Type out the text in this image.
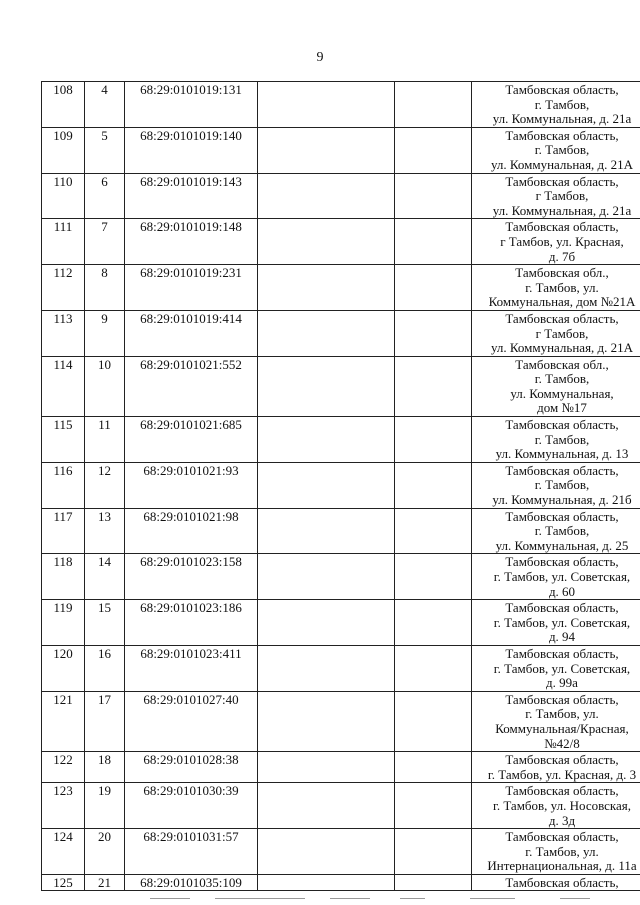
9
108	4	68:29:0101019:131			Тамбовская область,
г. Тамбов,
ул. Коммунальная, д. 21а

109	5	68:29:0101019:140			Тамбовская область,
г. Тамбов,
ул. Коммунальная, д. 21А

110	6	68:29:0101019:143			Тамбовская область,
г Тамбов,
ул. Коммунальная, д. 21а

111	7	68:29:0101019:148			Тамбовская область,
г Тамбов, ул. Красная,
д. 7б

112	8	68:29:0101019:231			Тамбовская обл.,
г. Тамбов, ул.
Коммунальная, дом №21А

113	9	68:29:0101019:414			Тамбовская область,
г Тамбов,
ул. Коммунальная, д. 21А

114	10	68:29:0101021:552			Тамбовская обл.,
г. Тамбов,
ул. Коммунальная,
дом №17

115	11	68:29:0101021:685			Тамбовская область,
г. Тамбов,
ул. Коммунальная, д. 13

116	12	68:29:0101021:93			Тамбовская область,
г. Тамбов,
ул. Коммунальная, д. 21б

117	13	68:29:0101021:98			Тамбовская область,
г. Тамбов,
ул. Коммунальная, д. 25

118	14	68:29:0101023:158			Тамбовская область,
г. Тамбов, ул. Советская,
д. 60

119	15	68:29:0101023:186			Тамбовская область,
г. Тамбов, ул. Советская,
д. 94

120	16	68:29:0101023:411			Тамбовская область,
г. Тамбов, ул. Советская,
д. 99а

121	17	68:29:0101027:40			Тамбовская область,
г. Тамбов, ул.
Коммунальная/Красная,
№42/8

122	18	68:29:0101028:38			Тамбовская область,
г. Тамбов, ул. Красная, д. 3

123	19	68:29:0101030:39			Тамбовская область,
г. Тамбов, ул. Носовская,
д. 3д

124	20	68:29:0101031:57			Тамбовская область,
г. Тамбов, ул.
Интернациональная, д. 11а

125	21	68:29:0101035:109			Тамбовская область,
